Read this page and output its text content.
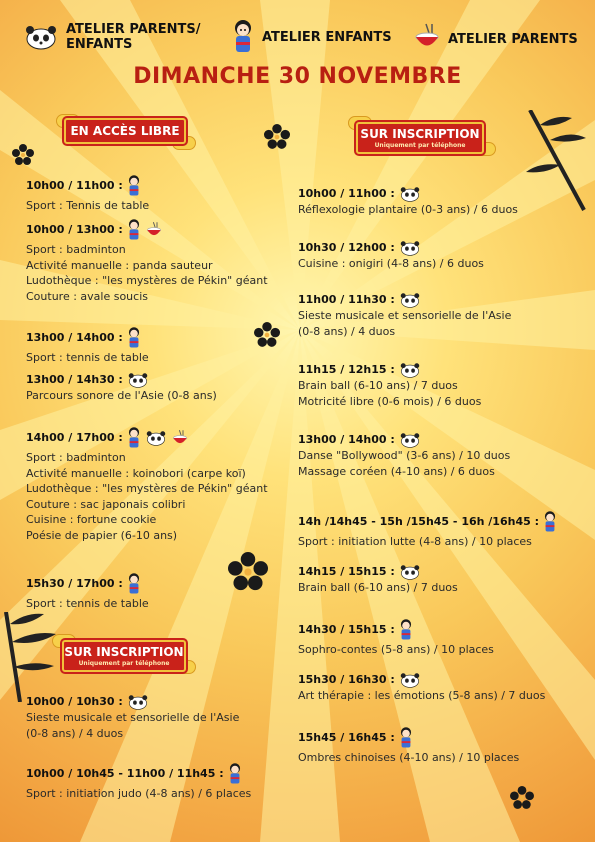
ATELIER PARENTS/
ENFANTS	ATELIER ENFANTS	ATELIER PARENTS
DIMANCHE 30 NOVEMBRE
EN ACCÈS LIBRE	SUR INSCRIPTION
Uniquement par téléphone
SUR INSCRIPTION
Uniquement par téléphone
10h00 / 11h00 :
Sport : Tennis de table
10h00 / 13h00 :
Sport : badminton
Activité manuelle : panda sauteur
Ludothèque : "les mystères de Pékin" géant
Couture : avale soucis
13h00 / 14h00 :
Sport : tennis de table
13h00 / 14h30 :
Parcours sonore de l'Asie (0-8 ans)
14h00 / 17h00 :
Sport : badminton
Activité manuelle : koinobori (carpe koï)
Ludothèque : "les mystères de Pékin" géant
Couture : sac japonais colibri
Cuisine : fortune cookie
Poésie de papier (6-10 ans)
15h30 / 17h00 :
Sport : tennis de table
10h00 / 10h30 :
Sieste musicale et sensorielle de l'Asie
(0-8 ans) / 4 duos
10h00 / 10h45 - 11h00 / 11h45 :
Sport : initiation judo (4-8 ans) / 6 places
10h00 / 11h00 :
Réflexologie plantaire (0-3 ans) / 6 duos
10h30 / 12h00 :
Cuisine : onigiri (4-8 ans) / 6 duos
11h00 / 11h30 :
Sieste musicale et sensorielle de l'Asie
(0-8 ans) / 4 duos
11h15 / 12h15 :
Brain ball (6-10 ans) / 7 duos
Motricité libre (0-6 mois) / 6 duos
13h00 / 14h00 :
Danse "Bollywood" (3-6 ans) / 10 duos
Massage coréen (4-10 ans) / 6 duos
14h /14h45 - 15h /15h45 - 16h /16h45 :
Sport : initiation lutte (4-8 ans) / 10 places
14h15 / 15h15 :
Brain ball (6-10 ans) / 7 duos
14h30 / 15h15 :
Sophro-contes (5-8 ans) / 10 places
15h30 / 16h30 :
Art thérapie : les émotions (5-8 ans) / 7 duos
15h45 / 16h45 :
Ombres chinoises (4-10 ans) / 10 places
